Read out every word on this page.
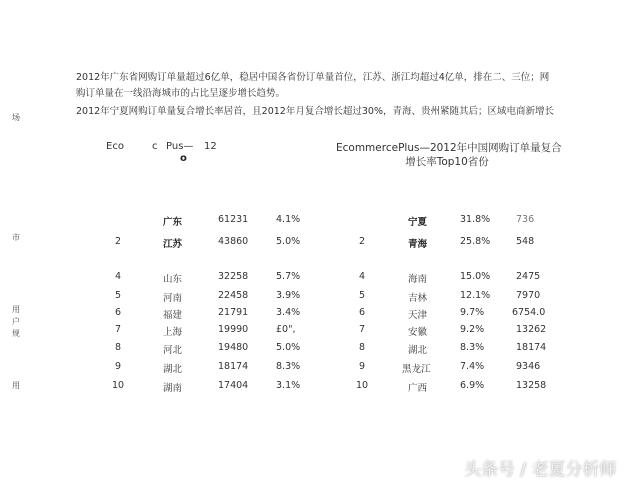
2012年广东省网购订单量超过6亿单，稳居中国各省份订单量首位，江苏、浙江均超过4亿单，排在二、三位；网
购订单量在一线沿海城市的占比呈逐步增长趋势。
2012年宁夏网购订单量复合增长率居首，且2012年月复合增长超过30%，青海、贵州紧随其后；区域电商新增长
场
市
用
户
规
用
Eco	c Pus—
o
12	EcommercePlus—2012年中国网购订单量复合
增长率Top10省份
广东	61231	4.1%
2	江苏	43860	5.0%
4	山东	32258	5.7%
5	河南	22458	3.9%
6	福建	21791	3.4%
7	上海	19990	£0",
8	河北	19480	5.0%
9	湖北	18174	8.3%
10	湖南	17404	3.1%
宁夏	31.8%	736
2	青海	25.8%	548
4	海南	15.0%	2475
5	吉林	12.1%	7970
6	天津	9.7%	6754.0
7	安徽	9.2%	13262
8	湖北	8.3%	18174
9	黑龙江	7.4%	9346
10	广西	6.9%	13258
头条号 / 老夏分析师
